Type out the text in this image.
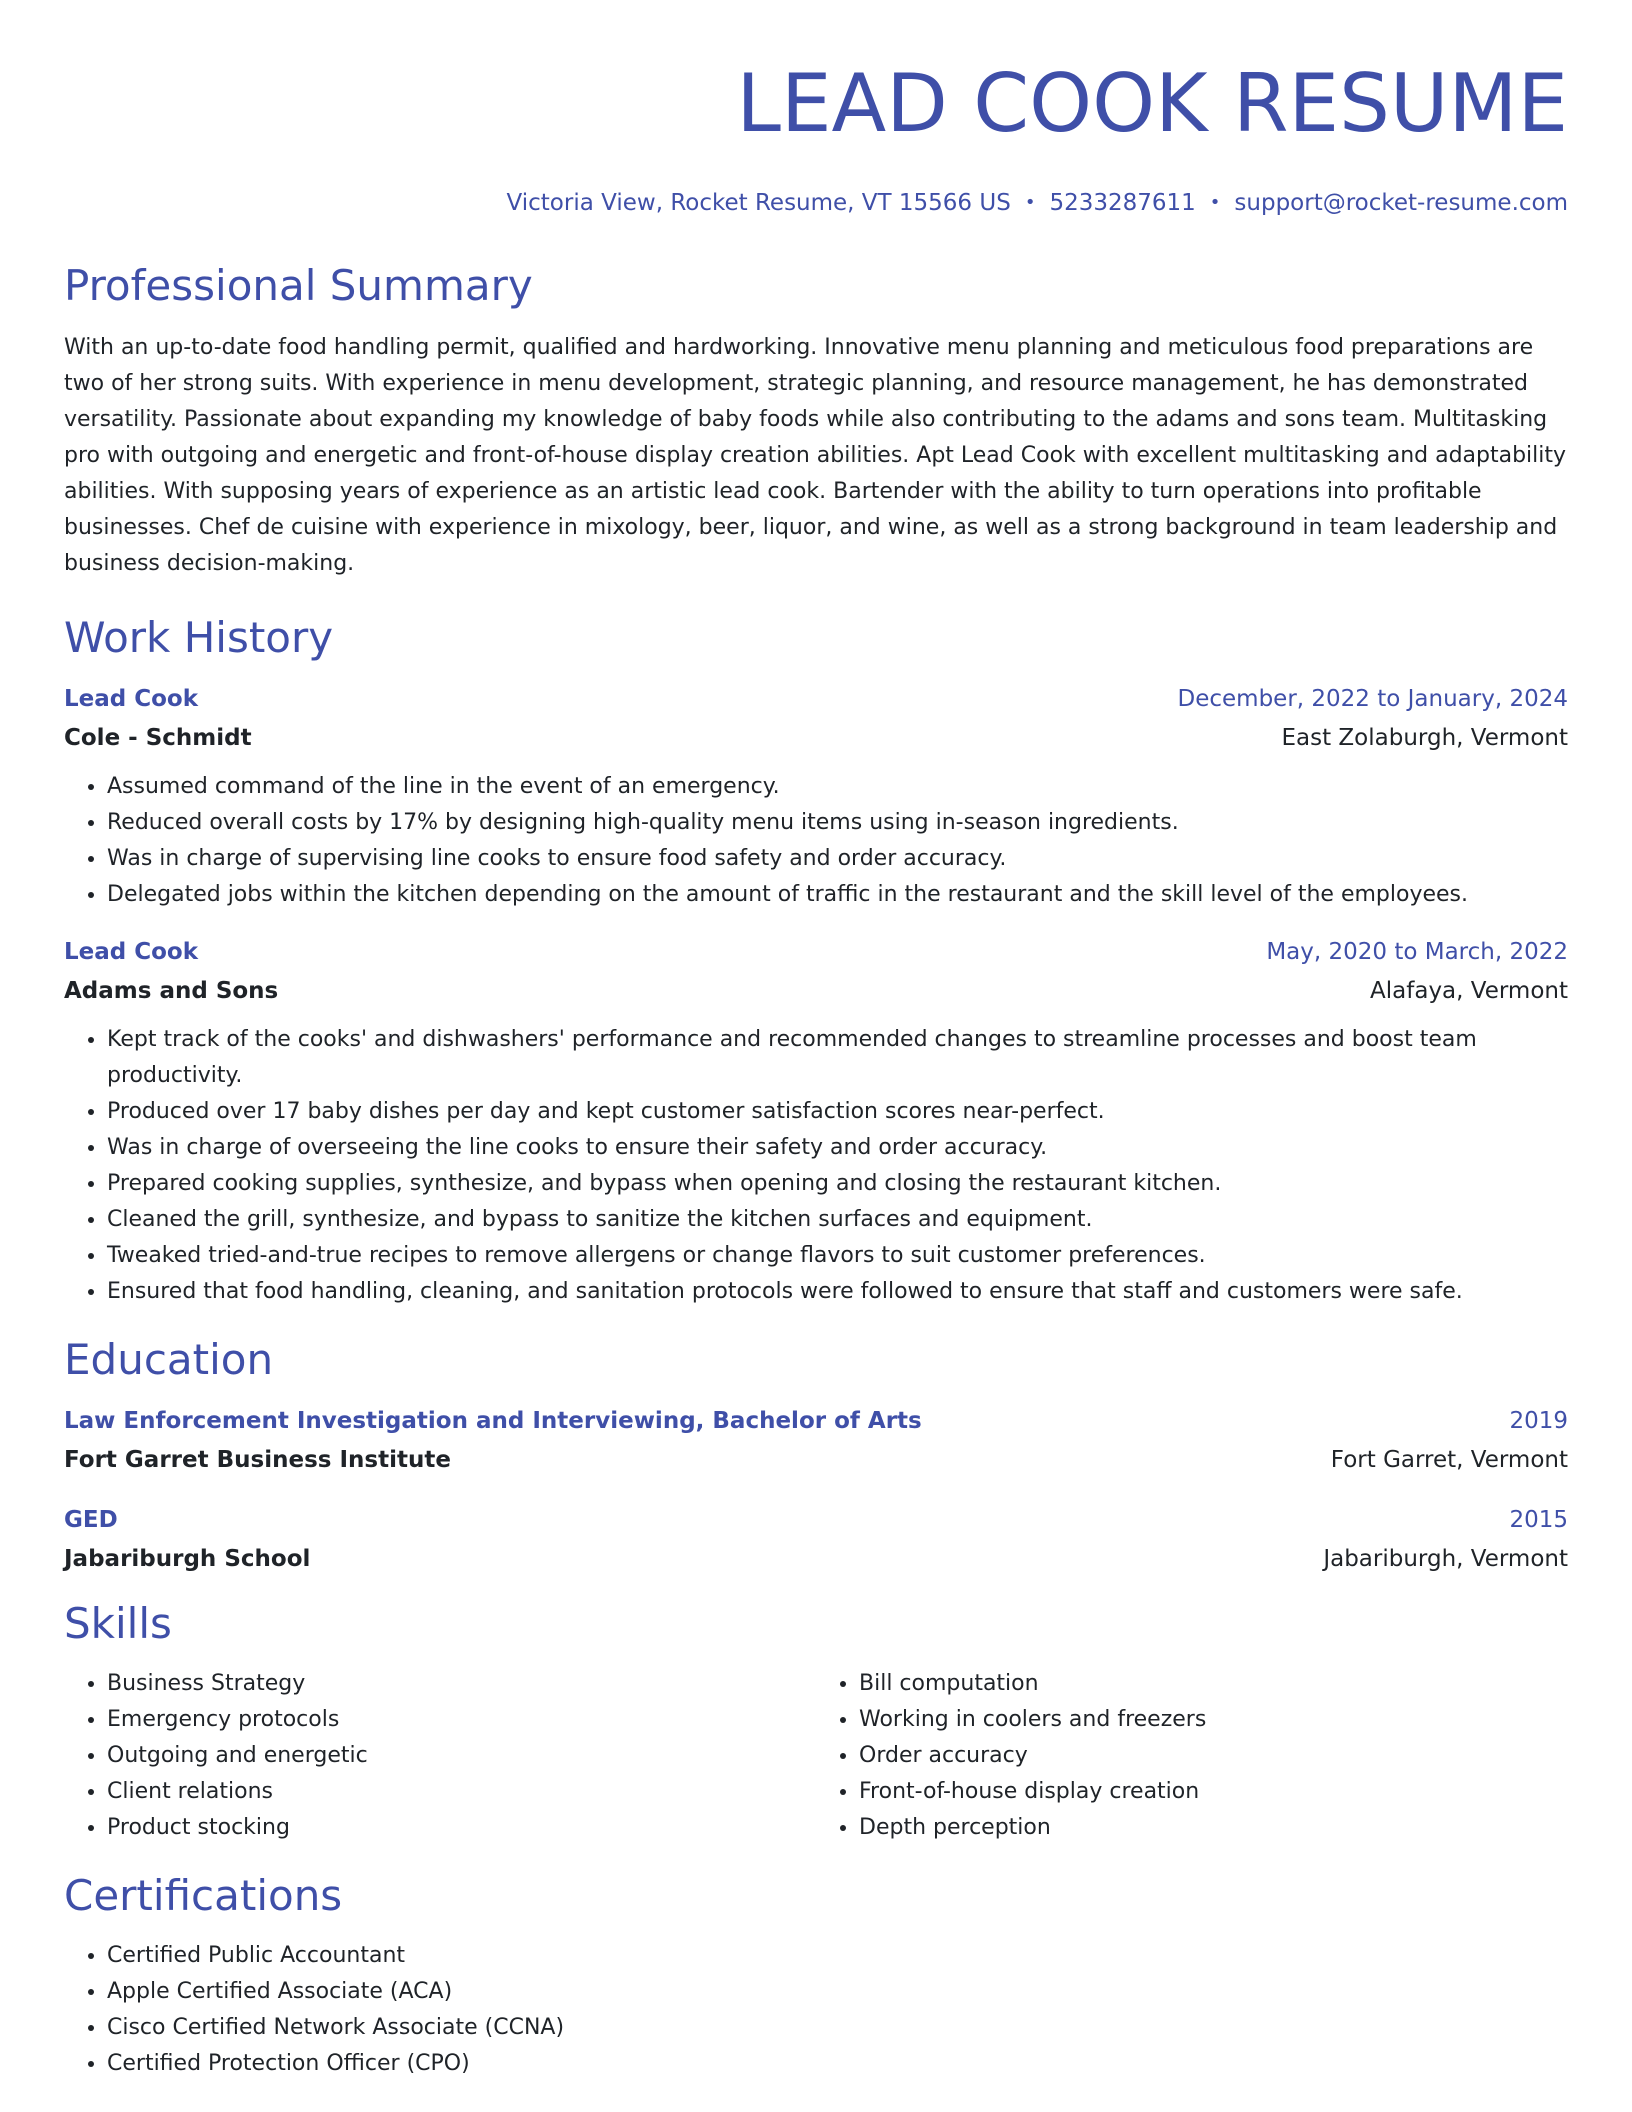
LEAD COOK RESUME
Victoria View, Rocket Resume, VT 15566 US • 5233287611 • support@rocket-resume.com
Professional Summary

With an up-to-date food handling permit, qualified and hardworking. Innovative menu planning and meticulous food preparations are two of her strong suits. With experience in menu development, strategic planning, and resource management, he has demonstrated versatility. Passionate about expanding my knowledge of baby foods while also contributing to the adams and sons team. Multitasking pro with outgoing and energetic and front-of-house display creation abilities. Apt Lead Cook with excellent multitasking and adaptability abilities. With supposing years of experience as an artistic lead cook. Bartender with the ability to turn operations into profitable businesses. Chef de cuisine with experience in mixology, beer, liquor, and wine, as well as a strong background in team leadership and business decision-making.

Work History
Lead Cook	December, 2022 to January, 2024
Cole - Schmidt	East Zolaburgh, Vermont
• Assumed command of the line in the event of an emergency.
• Reduced overall costs by 17% by designing high-quality menu items using in-season ingredients.
• Was in charge of supervising line cooks to ensure food safety and order accuracy.
• Delegated jobs within the kitchen depending on the amount of traffic in the restaurant and the skill level of the employees.
Lead Cook	May, 2020 to March, 2022
Adams and Sons	Alafaya, Vermont
• Kept track of the cooks' and dishwashers' performance and recommended changes to streamline processes and boost team productivity.
• Produced over 17 baby dishes per day and kept customer satisfaction scores near-perfect.
• Was in charge of overseeing the line cooks to ensure their safety and order accuracy.
• Prepared cooking supplies, synthesize, and bypass when opening and closing the restaurant kitchen.
• Cleaned the grill, synthesize, and bypass to sanitize the kitchen surfaces and equipment.
• Tweaked tried-and-true recipes to remove allergens or change flavors to suit customer preferences.
• Ensured that food handling, cleaning, and sanitation protocols were followed to ensure that staff and customers were safe.
Education
Law Enforcement Investigation and Interviewing, Bachelor of Arts	2019
Fort Garret Business Institute	Fort Garret, Vermont
GED	2015
Jabariburgh School	Jabariburgh, Vermont
Skills
• Business Strategy
• Emergency protocols
• Outgoing and energetic
• Client relations
• Product stocking
• Bill computation
• Working in coolers and freezers
• Order accuracy
• Front-of-house display creation
• Depth perception
Certifications
• Certified Public Accountant
• Apple Certified Associate (ACA)
• Cisco Certified Network Associate (CCNA)
• Certified Protection Officer (CPO)
